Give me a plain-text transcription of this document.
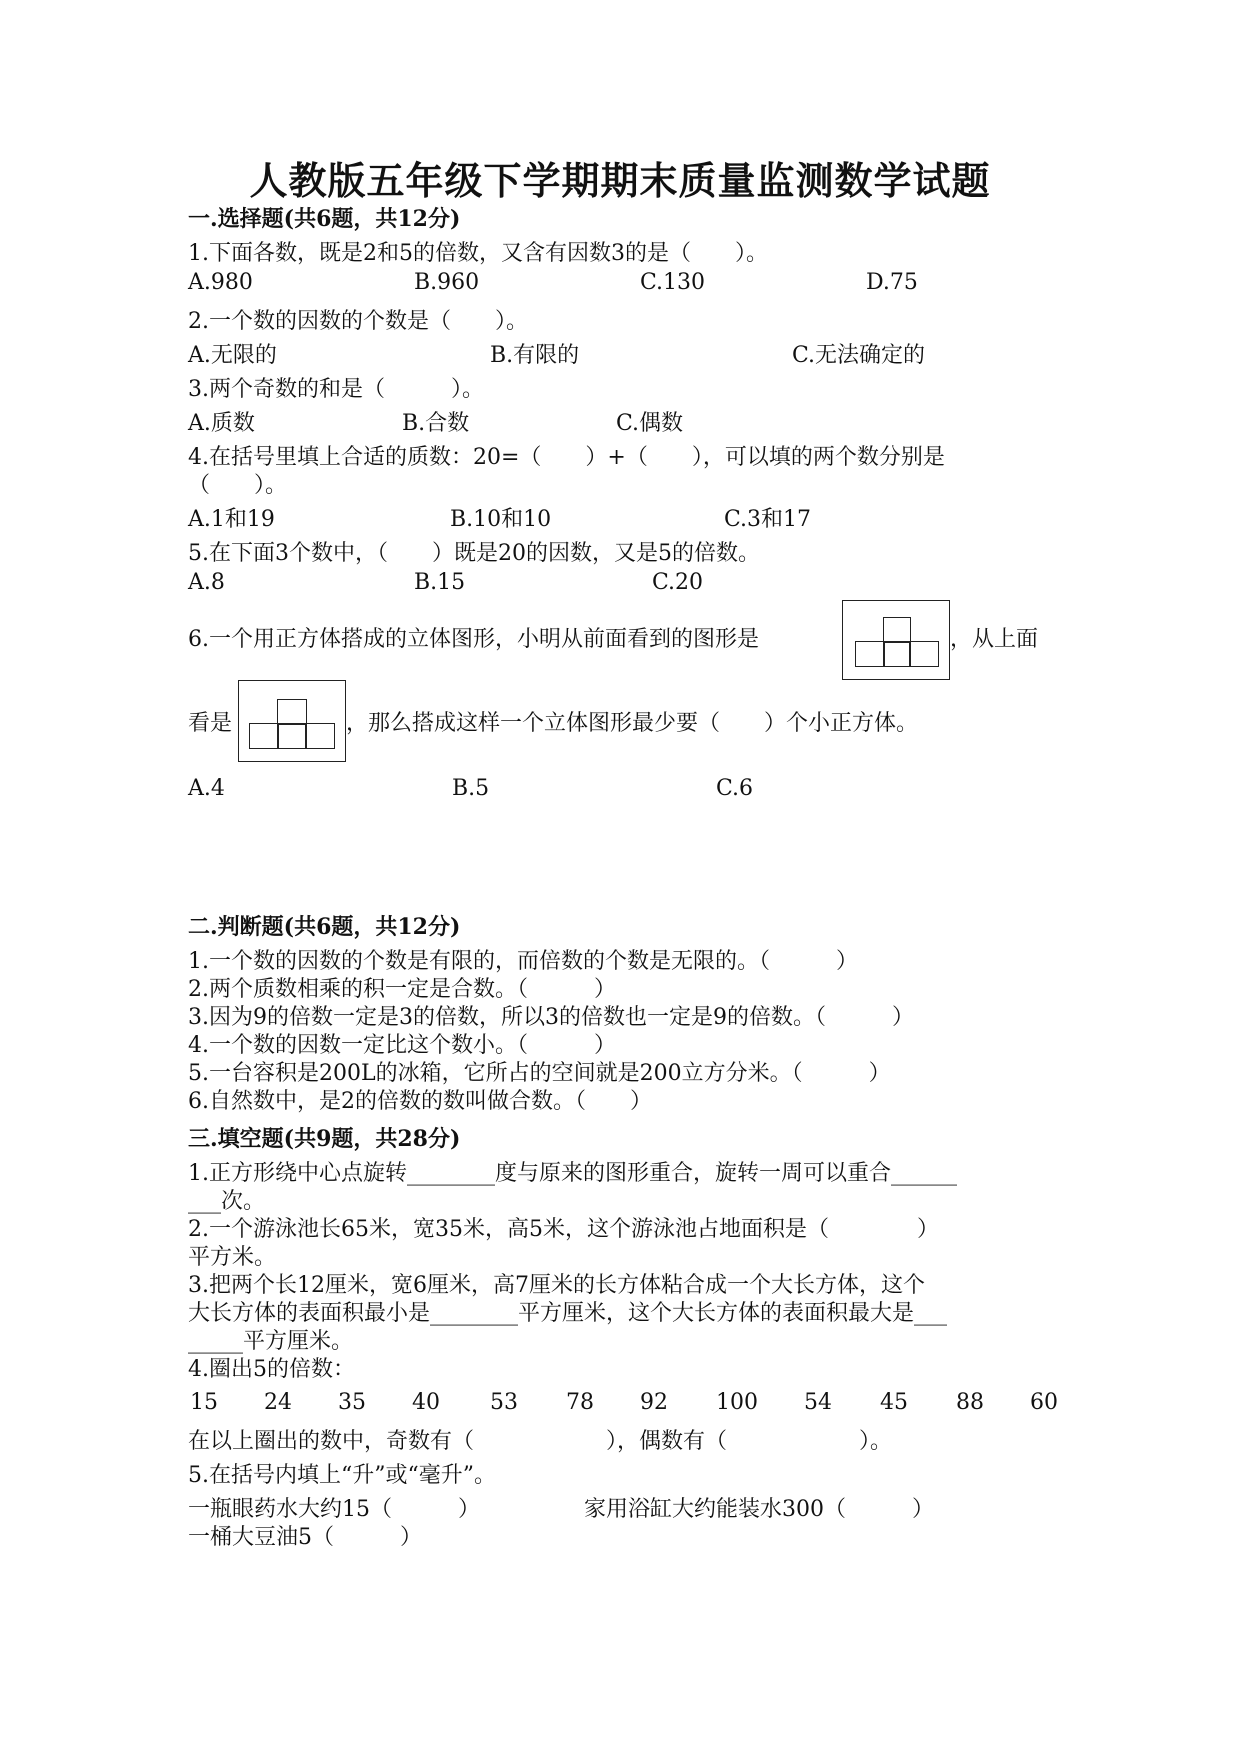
人教版五年级下学期期末质量监测数学试题
一.选择题(共6题，共12分)
1.下面各数，既是2和5的倍数，又含有因数3的是（　　）。
A.980	B.960	C.130	D.75
2.一个数的因数的个数是（　　）。
A.无限的	B.有限的	C.无法确定的
3.两个奇数的和是（　　　）。
A.质数	B.合数	C.偶数
4.在括号里填上合适的质数：20=（　　）+（　　），可以填的两个数分别是
（　　）。
A.1和19	B.10和10	C.3和17
5.在下面3个数中，（　　）既是20的因数，又是5的倍数。
A.8	B.15	C.20
6.一个用正方体搭成的立体图形，小明从前面看到的图形是	，从上面
看是	，那么搭成这样一个立体图形最少要（　　）个小正方体。
A.4	B.5	C.6
二.判断题(共6题，共12分)
1.一个数的因数的个数是有限的，而倍数的个数是无限的。（　　　）
2.两个质数相乘的积一定是合数。（　　　）
3.因为9的倍数一定是3的倍数，所以3的倍数也一定是9的倍数。（　　　）
4.一个数的因数一定比这个数小。（　　　）
5.一台容积是200L的冰箱，它所占的空间就是200立方分米。（　　　）
6.自然数中，是2的倍数的数叫做合数。（　　）
三.填空题(共9题，共28分)
1.正方形绕中心点旋转________度与原来的图形重合，旋转一周可以重合______
___次。
2.一个游泳池长65米，宽35米，高5米，这个游泳池占地面积是（　　　　）
平方米。
3.把两个长12厘米，宽6厘米，高7厘米的长方体粘合成一个大长方体，这个
大长方体的表面积最小是________平方厘米，这个大长方体的表面积最大是___
_____平方厘米。
4.圈出5的倍数：
15 24 35 40 53 78 92 100 54 45 88 60
在以上圈出的数中，奇数有（　　　　　　），偶数有（　　　　　　）。
5.在括号内填上“升”或“毫升”。
一瓶眼药水大约15（　　　）	家用浴缸大约能装水300（　　　）
一桶大豆油5（　　　）
